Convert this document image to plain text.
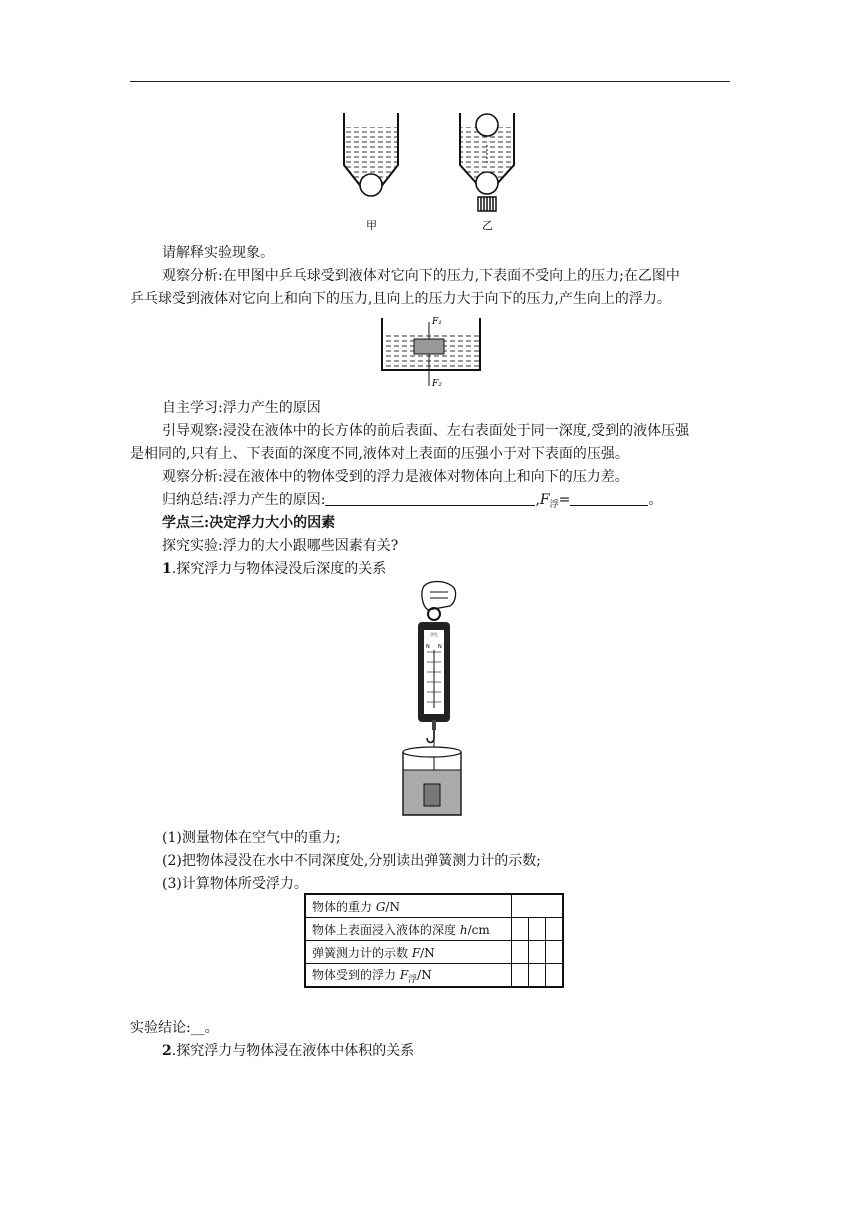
甲	乙
请解释实验现象。
观察分析:在甲图中乒乓球受到液体对它向下的压力,下表面不受向上的压力;在乙图中
乒乓球受到液体对它向上和向下的压力,且向上的压力大于向下的压力,产生向上的浮力。
F₁
F₂
自主学习:浮力产生的原因
引导观察:浸没在液体中的长方体的前后表面、左右表面处于同一深度,受到的液体压强
是相同的,只有上、下表面的深度不同,液体对上表面的压强小于对下表面的压强。
观察分析:浸在液体中的物体受到的浮力是液体对物体向上和向下的压力差。
归纳总结:浮力产生的原因:	$,F_浮=$	。
学点三:决定浮力大小的因素
探究实验:浮力的大小跟哪些因素有关?
1.探究浮力与物体浸没后深度的关系
学生
N N
(1)测量物体在空气中的重力;
(2)把物体浸没在水中不同深度处,分别读出弹簧测力计的示数;
(3)计算物体所受浮力。
物体的重力 G/N			
物体上表面浸入液体的深度 h/cm			
弹簧测力计的示数 F/N			
物体受到的浮力 $F_浮/N$			
实验结论:__。
2.探究浮力与物体浸在液体中体积的关系
